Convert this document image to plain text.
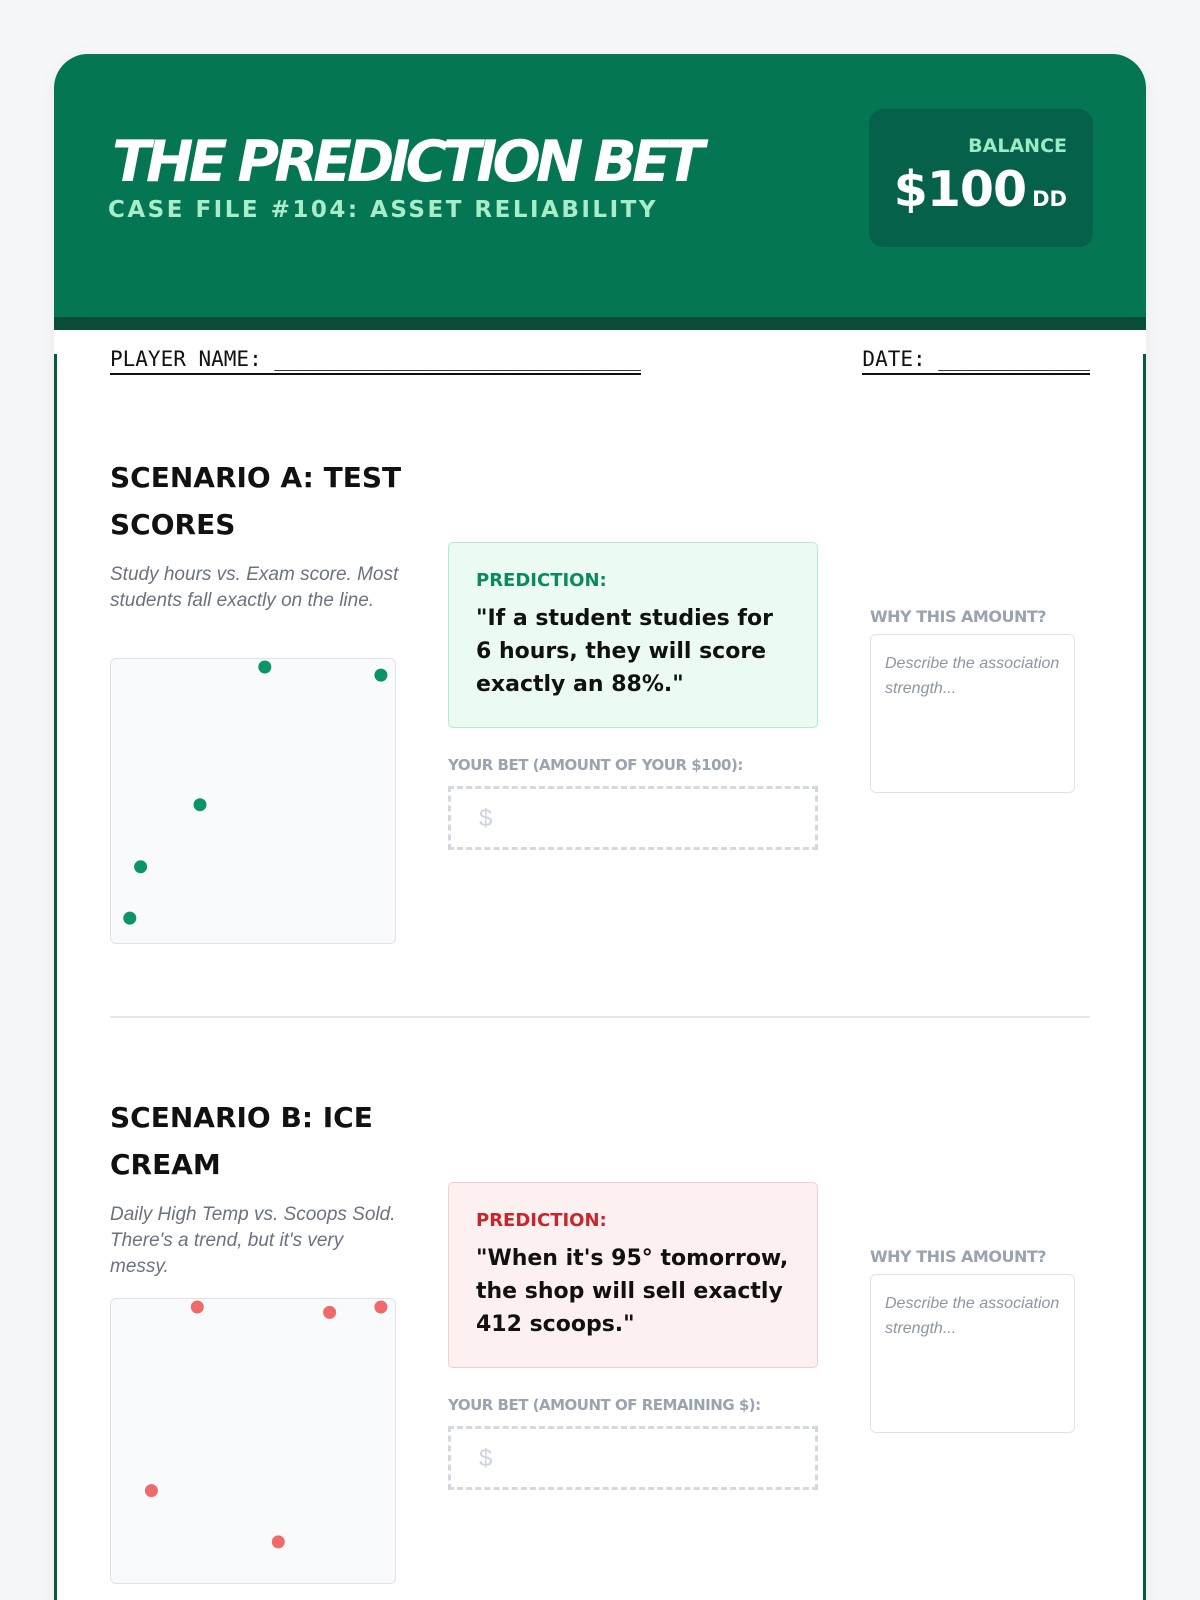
THE PREDICTION BET
CASE FILE #104: ASSET RELIABILITY
BALANCE
$100 DD
PLAYER NAME: _____________________________	DATE: ____________
SCENARIO A: TEST SCORES
Study hours vs. Exam score. Most students fall exactly on the line.
PREDICTION:
"If a student studies for 6 hours, they will score exactly an 88%."
YOUR BET (AMOUNT OF YOUR $100):
$
WHY THIS AMOUNT?
Describe the association strength...
SCENARIO B: ICE CREAM
Daily High Temp vs. Scoops Sold. There's a trend, but it's very messy.
PREDICTION:
"When it's 95° tomorrow, the shop will sell exactly 412 scoops."
YOUR BET (AMOUNT OF REMAINING $):
$
WHY THIS AMOUNT?
Describe the association strength...
